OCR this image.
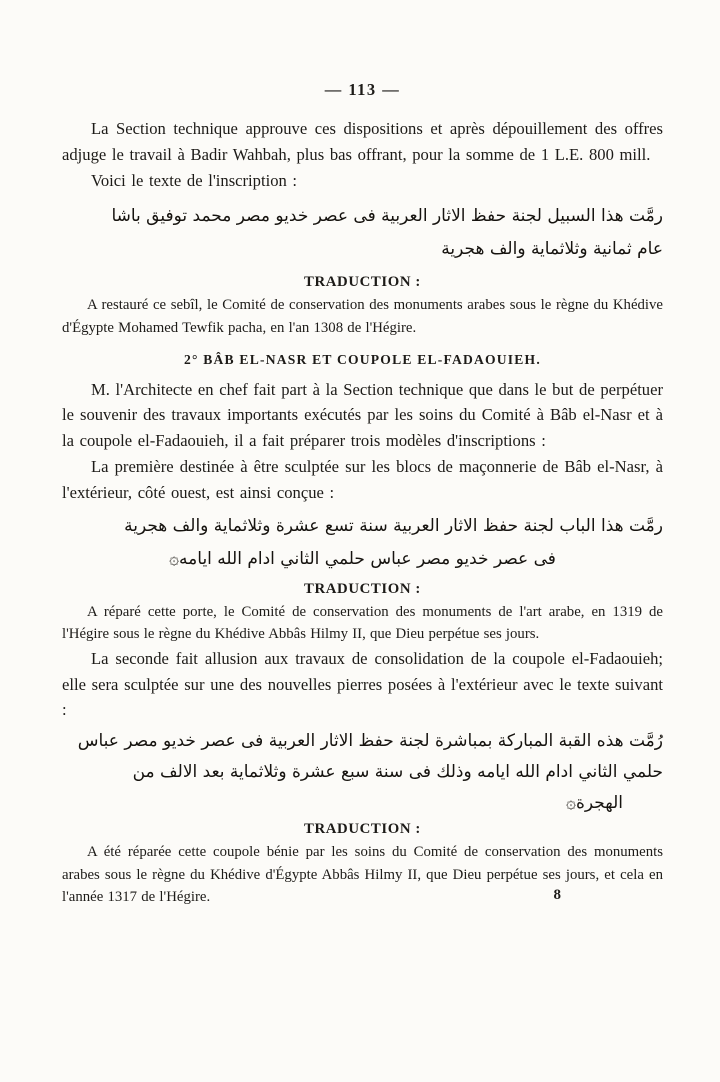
— 113 —

La Section technique approuve ces dispositions et après dépouillement des offres adjuge le travail à Badir Wahbah, plus bas offrant, pour la somme de 1 L.E. 800 mill.

Voici le texte de l'inscription :

رمَّت هذا السبيل لجنة حفظ الاثار العربية فى عصر خديو مصر محمد توفيق باشا
عام ثمانية وثلاثماية والف هجرية
TRADUCTION :

A restauré ce sebîl, le Comité de conservation des monuments arabes sous le règne du Khédive d'Égypte Mohamed Tewfik pacha, en l'an 1308 de l'Hégire.

2° BÂB EL-NASR ET COUPOLE EL-FADAOUIEH.

M. l'Architecte en chef fait part à la Section technique que dans le but de perpétuer le souvenir des travaux importants exécutés par les soins du Comité à Bâb el-Nasr et à la coupole el-Fadaouieh, il a fait préparer trois modèles d'inscriptions :

La première destinée à être sculptée sur les blocs de maçonnerie de Bâb el-Nasr, à l'extérieur, côté ouest, est ainsi conçue :

رمَّت هذا الباب لجنة حفظ الاثار العربية سنة تسع عشرة وثلاثماية والف هجرية
فى عصر خديو مصر عباس حلمي الثاني ادام الله ايامه۞
TRADUCTION :

A réparé cette porte, le Comité de conservation des monuments de l'art arabe, en 1319 de l'Hégire sous le règne du Khédive Abbâs Hilmy II, que Dieu perpétue ses jours.

La seconde fait allusion aux travaux de consolidation de la coupole el-Fadaouieh; elle sera sculptée sur une des nouvelles pierres posées à l'extérieur avec le texte suivant :

رُمَّت هذه القبة المباركة بمباشرة لجنة حفظ الاثار العربية فى عصر خديو مصر عباس
حلمي الثاني ادام الله ايامه وذلك فى سنة سبع عشرة وثلاثماية بعد الالف من
الهجرة۞
TRADUCTION :

A été réparée cette coupole bénie par les soins du Comité de conservation des monuments arabes sous le règne du Khédive d'Égypte Abbâs Hilmy II, que Dieu perpétue ses jours, et cela en l'année 1317 de l'Hégire.	8
